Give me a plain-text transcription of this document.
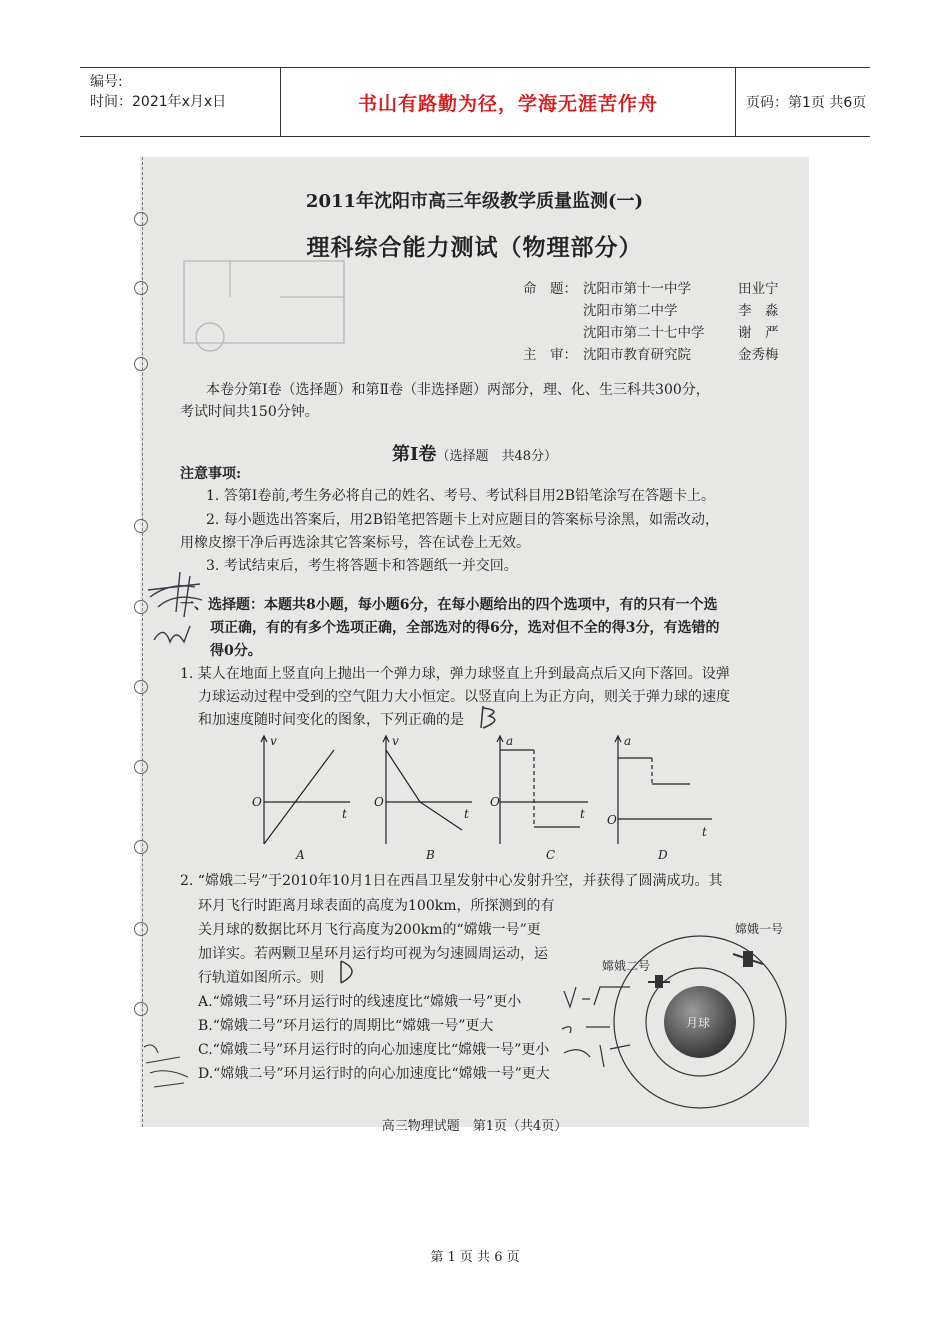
编号:
时间：2021年x月x日	书山有路勤为径，学海无涯苦作舟	页码：第1页 共6页
2011年沈阳市高三年级教学质量监测(一)
理科综合能力测试（物理部分）
命　题： 沈阳市第十一中学	田业宁
沈阳市第二中学	李　淼
沈阳市第二十七中学 谢　严
主　审： 沈阳市教育研究院	金秀梅
本卷分第Ⅰ卷（选择题）和第Ⅱ卷（非选择题）两部分，理、化、生三科共300分，
考试时间共150分钟。
第Ⅰ卷（选择题　共48分）
注意事项:
1. 答第Ⅰ卷前,考生务必将自己的姓名、考号、考试科目用2B铅笔涂写在答题卡上。
2. 每小题选出答案后，用2B铅笔把答题卡上对应题目的答案标号涂黑，如需改动，
用橡皮擦干净后再选涂其它答案标号，答在试卷上无效。
3. 考试结束后，考生将答题卡和答题纸一并交回。
一、选择题：本题共8小题，每小题6分，在每小题给出的四个选项中，有的只有一个选
项正确，有的有多个选项正确，全部选对的得6分，选对但不全的得3分，有选错的
得0分。
1. 某人在地面上竖直向上抛出一个弹力球，弹力球竖直上升到最高点后又向下落回。设弹
力球运动过程中受到的空气阻力大小恒定。以竖直向上为正方向，则关于弹力球的速度
和加速度随时间变化的图象，下列正确的是
v
O
t
A
v
O
t
B
a
O
t
C
a
O
t
D
2. “嫦娥二号”于2010年10月1日在西昌卫星发射中心发射升空，并获得了圆满成功。其
环月飞行时距离月球表面的高度为100km，所探测到的有
关月球的数据比环月飞行高度为200km的“嫦娥一号”更
加详实。若两颗卫星环月运行均可视为匀速圆周运动，运
行轨道如图所示。则
A.“嫦娥二号”环月运行时的线速度比“嫦娥一号”更小
B.“嫦娥二号”环月运行的周期比“嫦娥一号”更大
C.“嫦娥二号”环月运行时的向心加速度比“嫦娥一号”更小
D.“嫦娥二号”环月运行时的向心加速度比“嫦娥一号”更大
月球
嫦娥一号
嫦娥二号
高三物理试题　第1页（共4页）
第 1 页 共 6 页
